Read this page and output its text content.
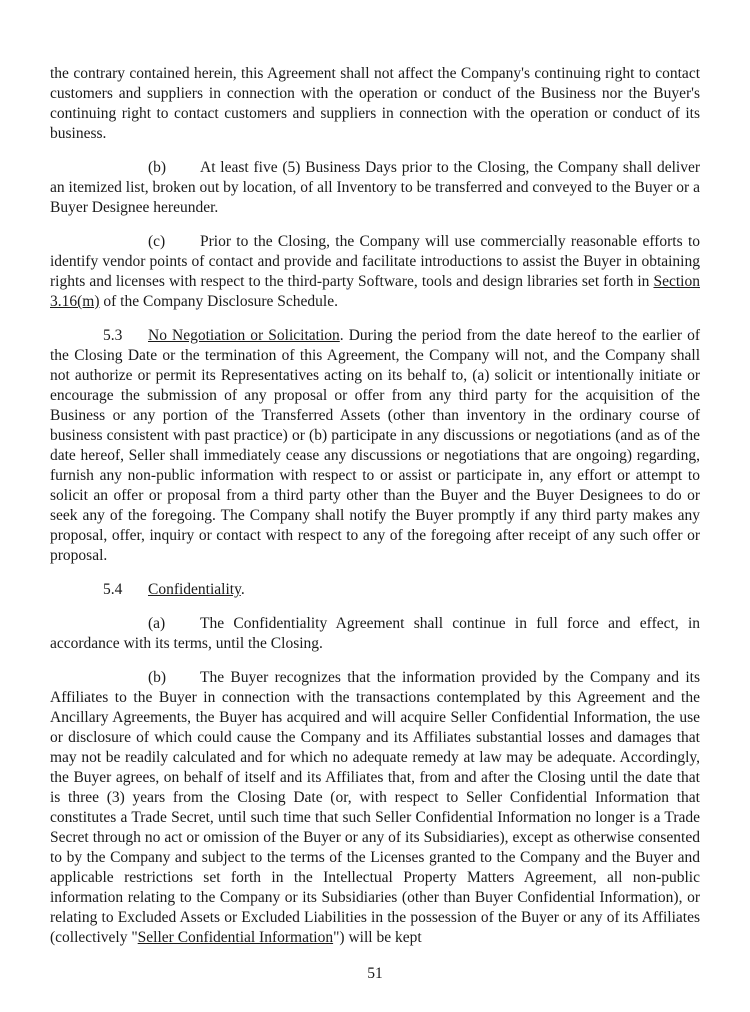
the contrary contained herein, this Agreement shall not affect the Company's continuing right to contact customers and suppliers in connection with the operation or conduct of the Business nor the Buyer's continuing right to contact customers and suppliers in connection with the operation or conduct of its business.

(b) At least five (5) Business Days prior to the Closing, the Company shall deliver an itemized list, broken out by location, of all Inventory to be transferred and conveyed to the Buyer or a Buyer Designee hereunder.

(c) Prior to the Closing, the Company will use commercially reasonable efforts to identify vendor points of contact and provide and facilitate introductions to assist the Buyer in obtaining rights and licenses with respect to the third-party Software, tools and design libraries set forth in Section 3.16(m) of the Company Disclosure Schedule.

5.3 No Negotiation or Solicitation. During the period from the date hereof to the earlier of the Closing Date or the termination of this Agreement, the Company will not, and the Company shall not authorize or permit its Representatives acting on its behalf to, (a) solicit or intentionally initiate or encourage the submission of any proposal or offer from any third party for the acquisition of the Business or any portion of the Transferred Assets (other than inventory in the ordinary course of business consistent with past practice) or (b) participate in any discussions or negotiations (and as of the date hereof, Seller shall immediately cease any discussions or negotiations that are ongoing) regarding, furnish any non-public information with respect to or assist or participate in, any effort or attempt to solicit an offer or proposal from a third party other than the Buyer and the Buyer Designees to do or seek any of the foregoing. The Company shall notify the Buyer promptly if any third party makes any proposal, offer, inquiry or contact with respect to any of the foregoing after receipt of any such offer or proposal.

5.4 Confidentiality.

(a) The Confidentiality Agreement shall continue in full force and effect, in accordance with its terms, until the Closing.

(b) The Buyer recognizes that the information provided by the Company and its Affiliates to the Buyer in connection with the transactions contemplated by this Agreement and the Ancillary Agreements, the Buyer has acquired and will acquire Seller Confidential Information, the use or disclosure of which could cause the Company and its Affiliates substantial losses and damages that may not be readily calculated and for which no adequate remedy at law may be adequate. Accordingly, the Buyer agrees, on behalf of itself and its Affiliates that, from and after the Closing until the date that is three (3) years from the Closing Date (or, with respect to Seller Confidential Information that constitutes a Trade Secret, until such time that such Seller Confidential Information no longer is a Trade Secret through no act or omission of the Buyer or any of its Subsidiaries), except as otherwise consented to by the Company and subject to the terms of the Licenses granted to the Company and the Buyer and applicable restrictions set forth in the Intellectual Property Matters Agreement, all non-public information relating to the Company or its Subsidiaries (other than Buyer Confidential Information), or relating to Excluded Assets or Excluded Liabilities in the possession of the Buyer or any of its Affiliates (collectively "Seller Confidential Information") will be kept

51
